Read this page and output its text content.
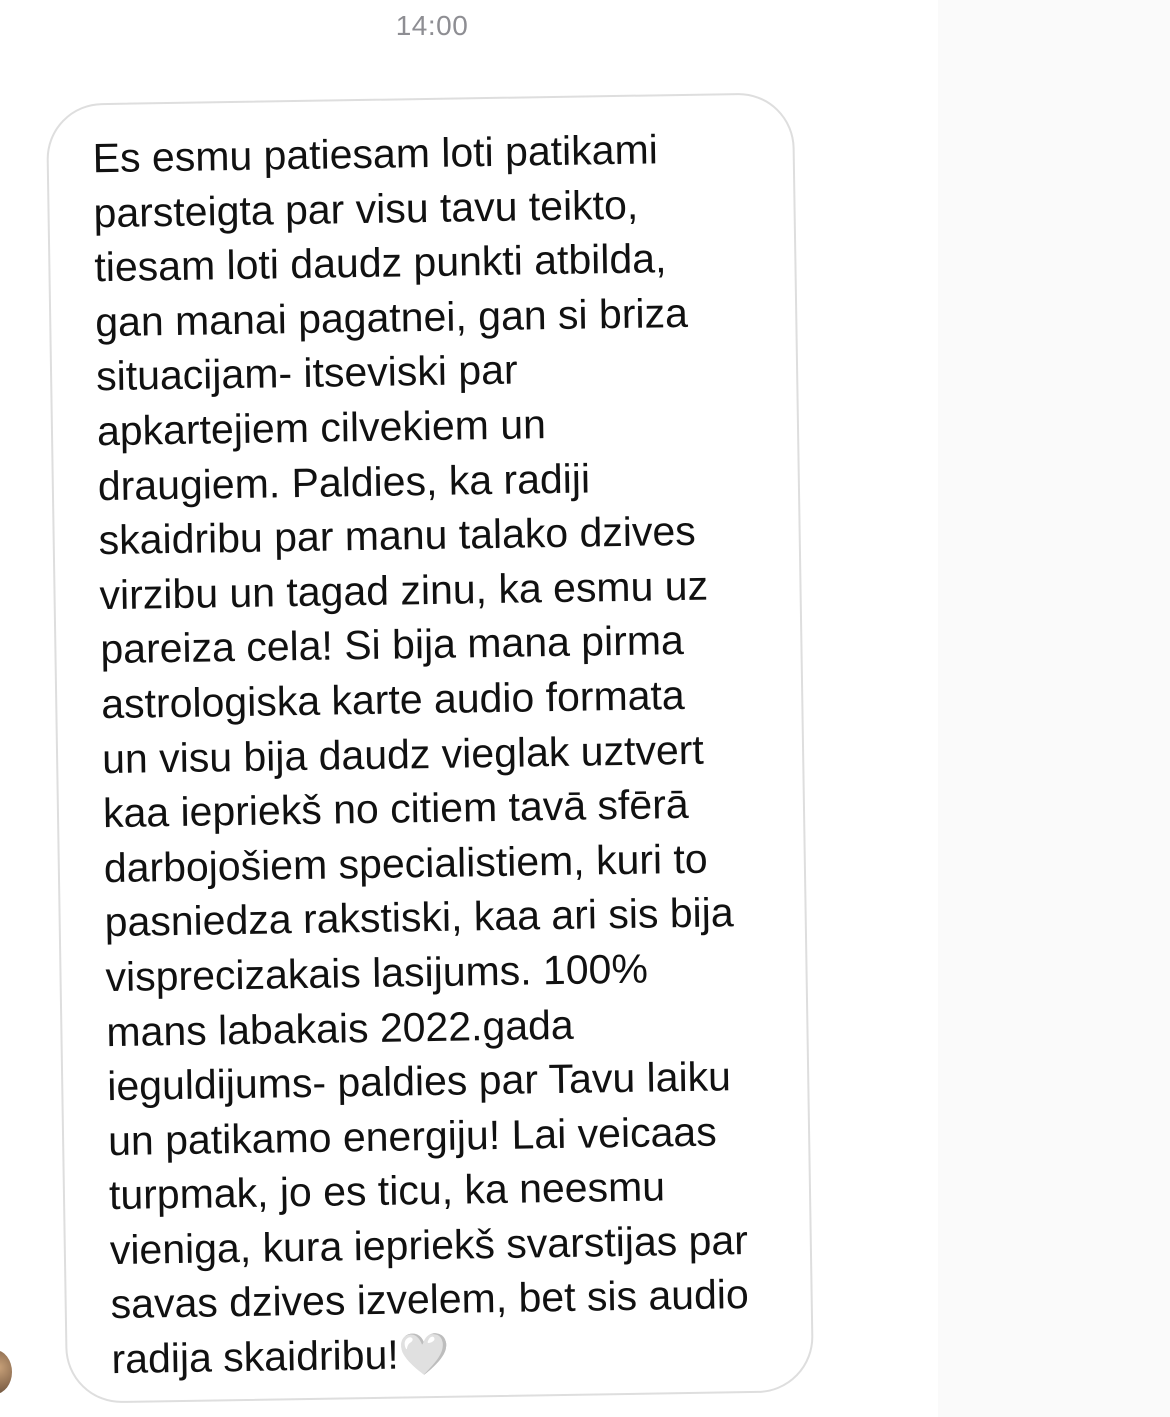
14:00

Es esmu patiesam loti patikami
parsteigta par visu tavu teikto,
tiesam loti daudz punkti atbilda,
gan manai pagatnei, gan si briza
situacijam- itseviski par
apkartejiem cilvekiem un
draugiem. Paldies, ka radiji
skaidribu par manu talako dzives
virzibu un tagad zinu, ka esmu uz
pareiza cela! Si bija mana pirma
astrologiska karte audio formata
un visu bija daudz vieglak uztvert
kaa iepriekš no citiem tavā sfērā
darbojošiem specialistiem, kuri to
pasniedza rakstiski, kaa ari sis bija
visprecizakais lasijums. 100%
mans labakais 2022.gada
ieguldijums- paldies par Tavu laiku
un patikamo energiju! Lai veicaas
turpmak, jo es ticu, ka neesmu
vieniga, kura iepriekš svarstijas par
savas dzives izvelem, bet sis audio
radija skaidribu!🤍
